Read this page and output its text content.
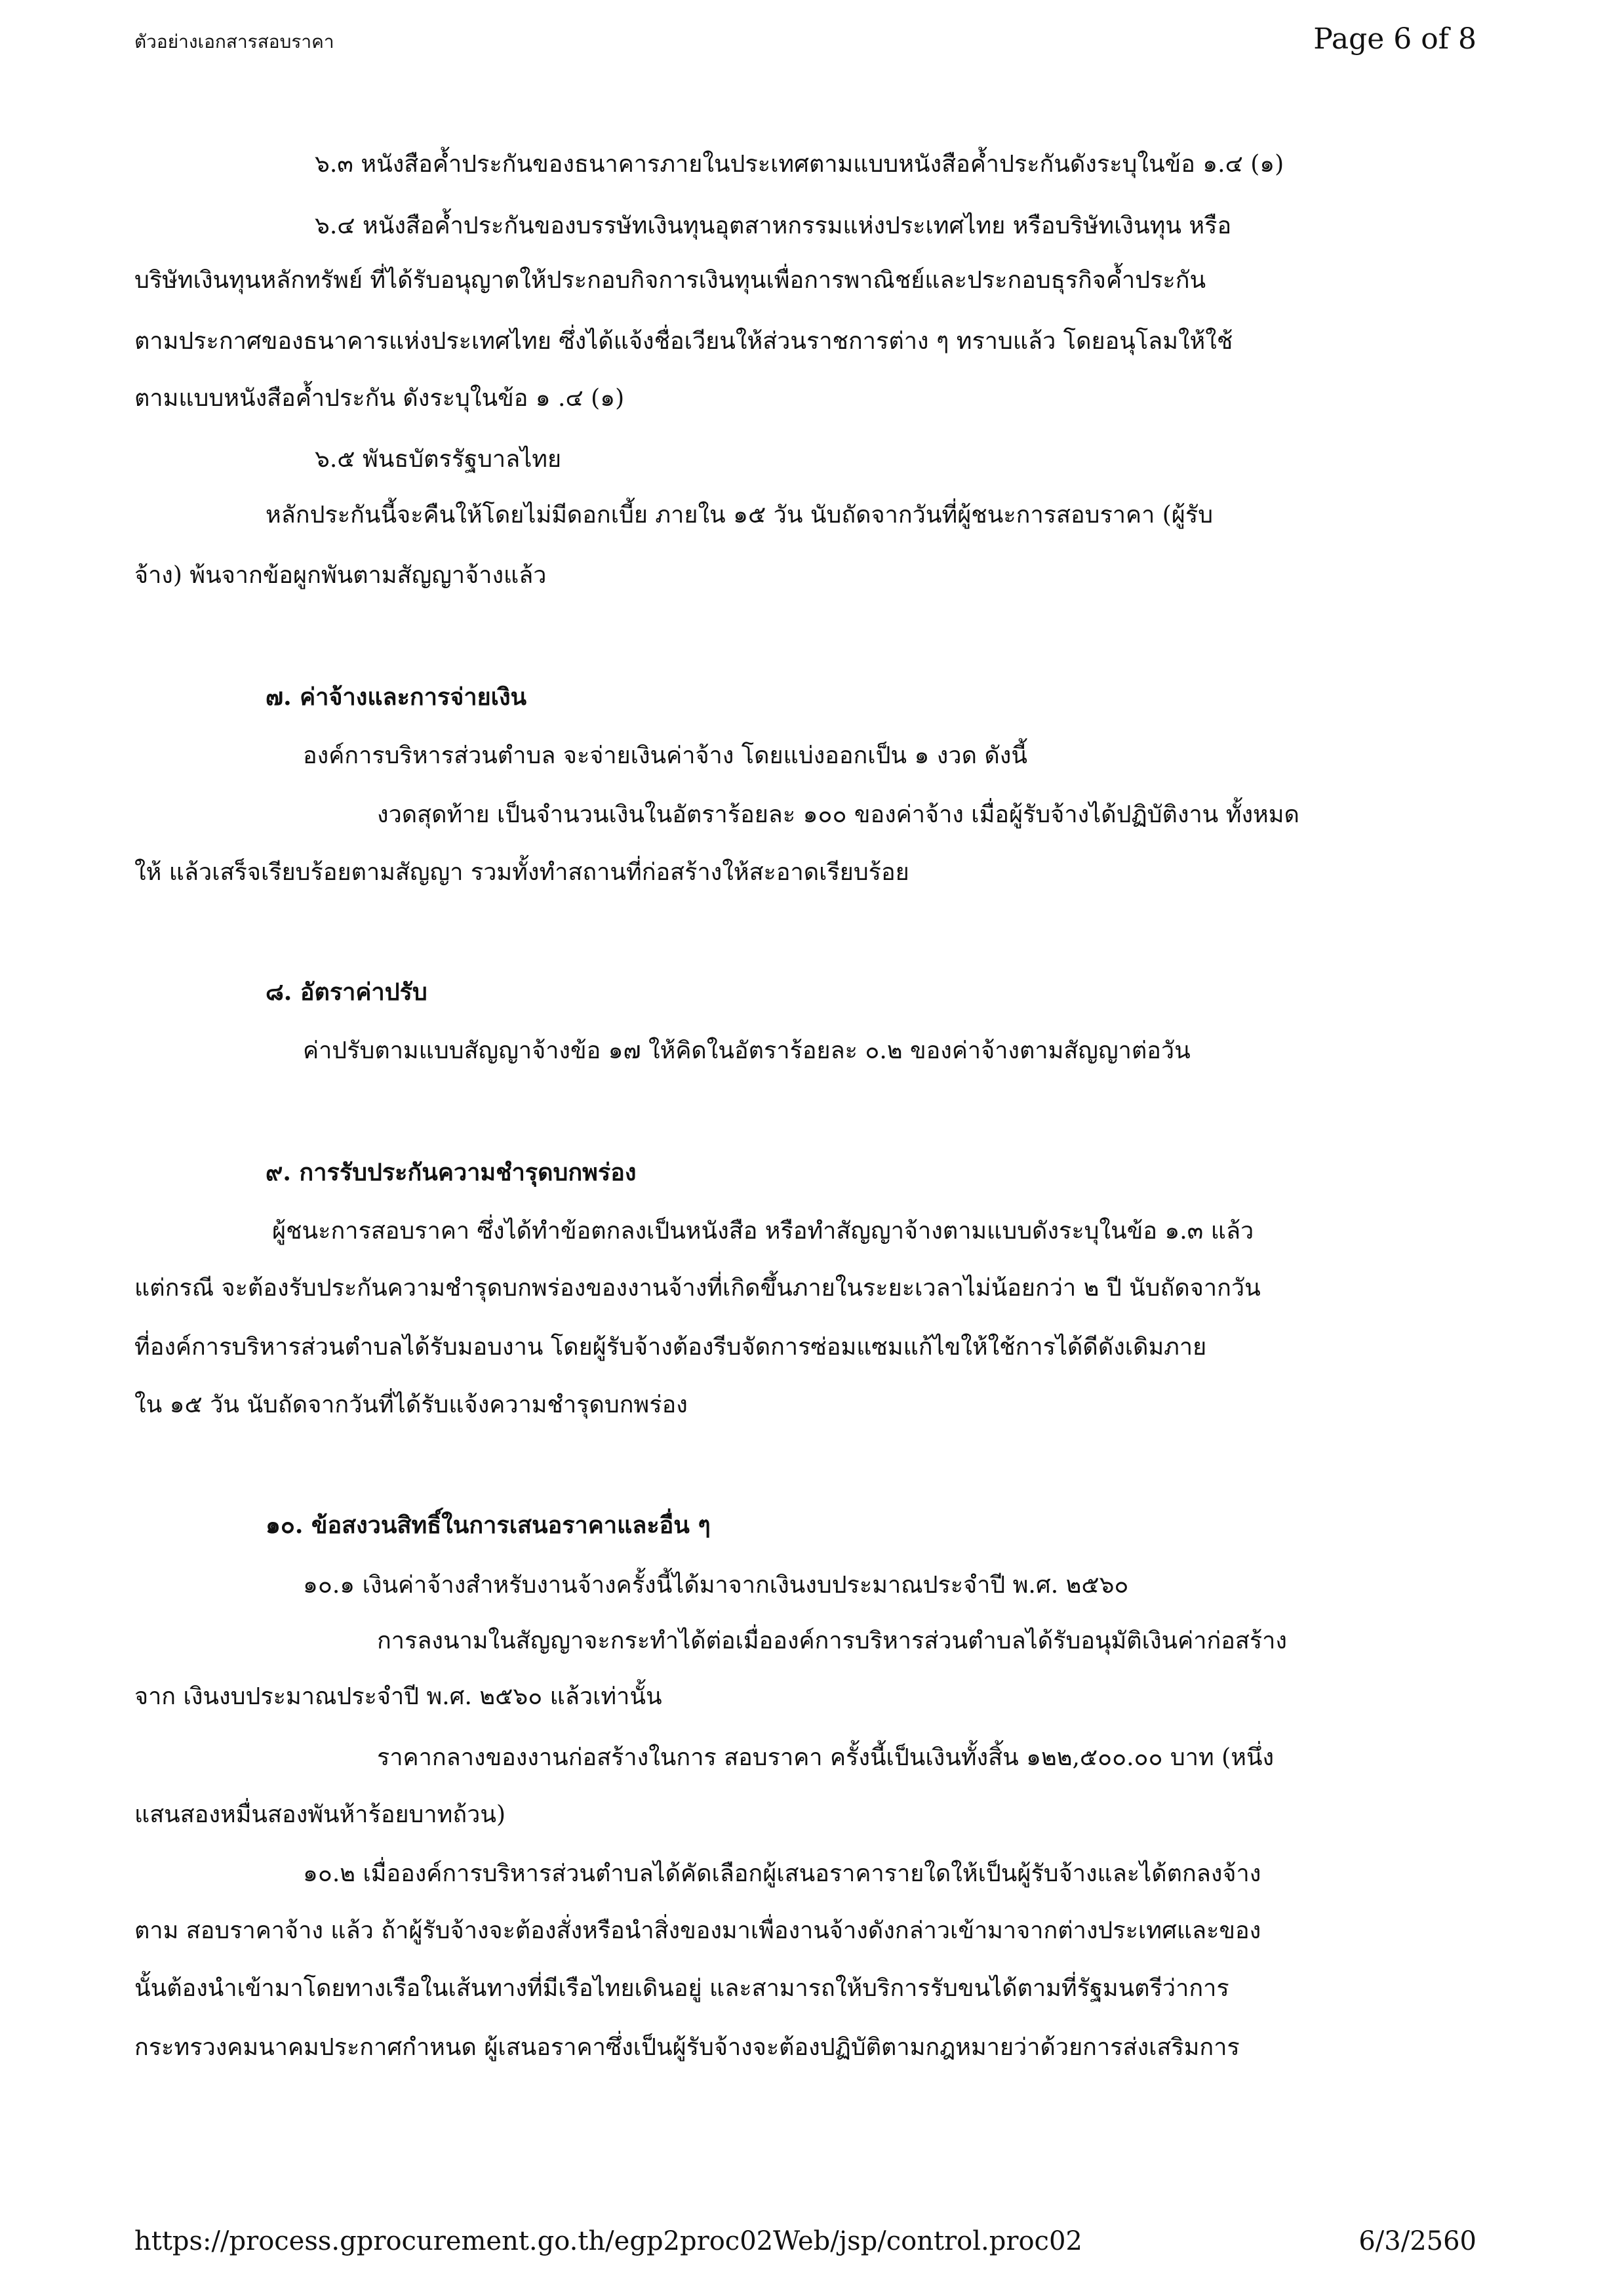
ตัวอย่างเอกสารสอบราคา	Page 6 of 8
๖.๓ หนังสือค้ำประกันของธนาคารภายในประเทศตามแบบหนังสือค้ำประกันดังระบุในข้อ ๑.๔ (๑)
๖.๔ หนังสือค้ำประกันของบรรษัทเงินทุนอุตสาหกรรมแห่งประเทศไทย หรือบริษัทเงินทุน หรือ
บริษัทเงินทุนหลักทรัพย์ ที่ได้รับอนุญาตให้ประกอบกิจการเงินทุนเพื่อการพาณิชย์และประกอบธุรกิจค้ำประกัน
ตามประกาศของธนาคารแห่งประเทศไทย ซึ่งได้แจ้งชื่อเวียนให้ส่วนราชการต่าง ๆ ทราบแล้ว โดยอนุโลมให้ใช้
ตามแบบหนังสือค้ำประกัน ดังระบุในข้อ ๑ .๔ (๑)
๖.๕ พันธบัตรรัฐบาลไทย
หลักประกันนี้จะคืนให้โดยไม่มีดอกเบี้ย ภายใน ๑๕ วัน นับถัดจากวันที่ผู้ชนะการสอบราคา (ผู้รับ
จ้าง) พ้นจากข้อผูกพันตามสัญญาจ้างแล้ว
๗. ค่าจ้างและการจ่ายเงิน
องค์การบริหารส่วนตำบล จะจ่ายเงินค่าจ้าง โดยแบ่งออกเป็น ๑ งวด ดังนี้
งวดสุดท้าย เป็นจำนวนเงินในอัตราร้อยละ ๑๐๐ ของค่าจ้าง เมื่อผู้รับจ้างได้ปฏิบัติงาน ทั้งหมด
ให้ แล้วเสร็จเรียบร้อยตามสัญญา รวมทั้งทำสถานที่ก่อสร้างให้สะอาดเรียบร้อย
๘. อัตราค่าปรับ
ค่าปรับตามแบบสัญญาจ้างข้อ ๑๗ ให้คิดในอัตราร้อยละ ๐.๒ ของค่าจ้างตามสัญญาต่อวัน
๙. การรับประกันความชำรุดบกพร่อง
ผู้ชนะการสอบราคา ซึ่งได้ทำข้อตกลงเป็นหนังสือ หรือทำสัญญาจ้างตามแบบดังระบุในข้อ ๑.๓ แล้ว
แต่กรณี จะต้องรับประกันความชำรุดบกพร่องของงานจ้างที่เกิดขึ้นภายในระยะเวลาไม่น้อยกว่า ๒ ปี นับถัดจากวัน
ที่องค์การบริหารส่วนตำบลได้รับมอบงาน โดยผู้รับจ้างต้องรีบจัดการซ่อมแซมแก้ไขให้ใช้การได้ดีดังเดิมภาย
ใน ๑๕ วัน นับถัดจากวันที่ได้รับแจ้งความชำรุดบกพร่อง
๑๐. ข้อสงวนสิทธิ์ในการเสนอราคาและอื่น ๆ
๑๐.๑ เงินค่าจ้างสำหรับงานจ้างครั้งนี้ได้มาจากเงินงบประมาณประจำปี พ.ศ. ๒๕๖๐
การลงนามในสัญญาจะกระทำได้ต่อเมื่อองค์การบริหารส่วนตำบลได้รับอนุมัติเงินค่าก่อสร้าง
จาก เงินงบประมาณประจำปี พ.ศ. ๒๕๖๐ แล้วเท่านั้น
ราคากลางของงานก่อสร้างในการ สอบราคา ครั้งนี้เป็นเงินทั้งสิ้น ๑๒๒,๕๐๐.๐๐ บาท (หนึ่ง
แสนสองหมื่นสองพันห้าร้อยบาทถ้วน)
๑๐.๒ เมื่อองค์การบริหารส่วนตำบลได้คัดเลือกผู้เสนอราคารายใดให้เป็นผู้รับจ้างและได้ตกลงจ้าง
ตาม สอบราคาจ้าง แล้ว ถ้าผู้รับจ้างจะต้องสั่งหรือนำสิ่งของมาเพื่องานจ้างดังกล่าวเข้ามาจากต่างประเทศและของ
นั้นต้องนำเข้ามาโดยทางเรือในเส้นทางที่มีเรือไทยเดินอยู่ และสามารถให้บริการรับขนได้ตามที่รัฐมนตรีว่าการ
กระทรวงคมนาคมประกาศกำหนด ผู้เสนอราคาซึ่งเป็นผู้รับจ้างจะต้องปฏิบัติตามกฎหมายว่าด้วยการส่งเสริมการ
https://process.gprocurement.go.th/egp2proc02Web/jsp/control.proc02	6/3/2560
